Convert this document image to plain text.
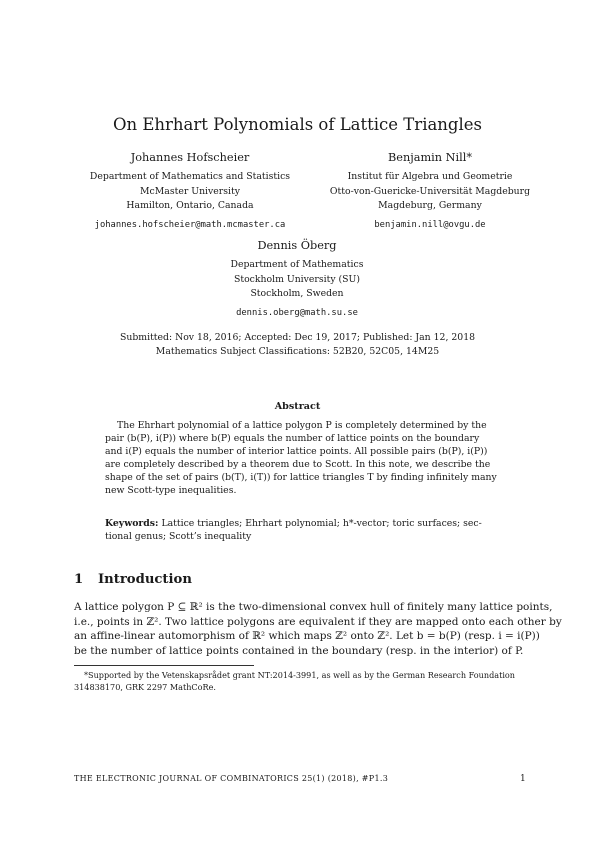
On Ehrhart Polynomials of Lattice Triangles
Johannes Hofscheier
Department of Mathematics and Statistics
McMaster University
Hamilton, Ontario, Canada
johannes.hofscheier@math.mcmaster.ca
Benjamin Nill*
Institut für Algebra und Geometrie
Otto-von-Guericke-Universität Magdeburg
Magdeburg, Germany
benjamin.nill@ovgu.de
Dennis Öberg
Department of Mathematics
Stockholm University (SU)
Stockholm, Sweden
dennis.oberg@math.su.se
Submitted: Nov 18, 2016; Accepted: Dec 19, 2017; Published: Jan 12, 2018
Mathematics Subject Classifications: 52B20, 52C05, 14M25
Abstract
The Ehrhart polynomial of a lattice polygon P is completely determined by the
pair (b(P), i(P)) where b(P) equals the number of lattice points on the boundary
and i(P) equals the number of interior lattice points. All possible pairs (b(P), i(P))
are completely described by a theorem due to Scott. In this note, we describe the
shape of the set of pairs (b(T), i(T)) for lattice triangles T by finding infinitely many
new Scott-type inequalities.
Keywords: Lattice triangles; Ehrhart polynomial; h*-vector; toric surfaces; sec-
tional genus; Scott’s inequality
1 Introduction
A lattice polygon P ⊆ ℝ² is the two-dimensional convex hull of finitely many lattice points,
i.e., points in ℤ². Two lattice polygons are equivalent if they are mapped onto each other by
an affine-linear automorphism of ℝ² which maps ℤ² onto ℤ². Let b = b(P) (resp. i = i(P))
be the number of lattice points contained in the boundary (resp. in the interior) of P.
*Supported by the Vetenskapsrådet grant NT:2014-3991, as well as by the German Research Foundation
314838170, GRK 2297 MathCoRe.
THE ELECTRONIC JOURNAL OF COMBINATORICS 25(1) (2018), #P1.3	1
